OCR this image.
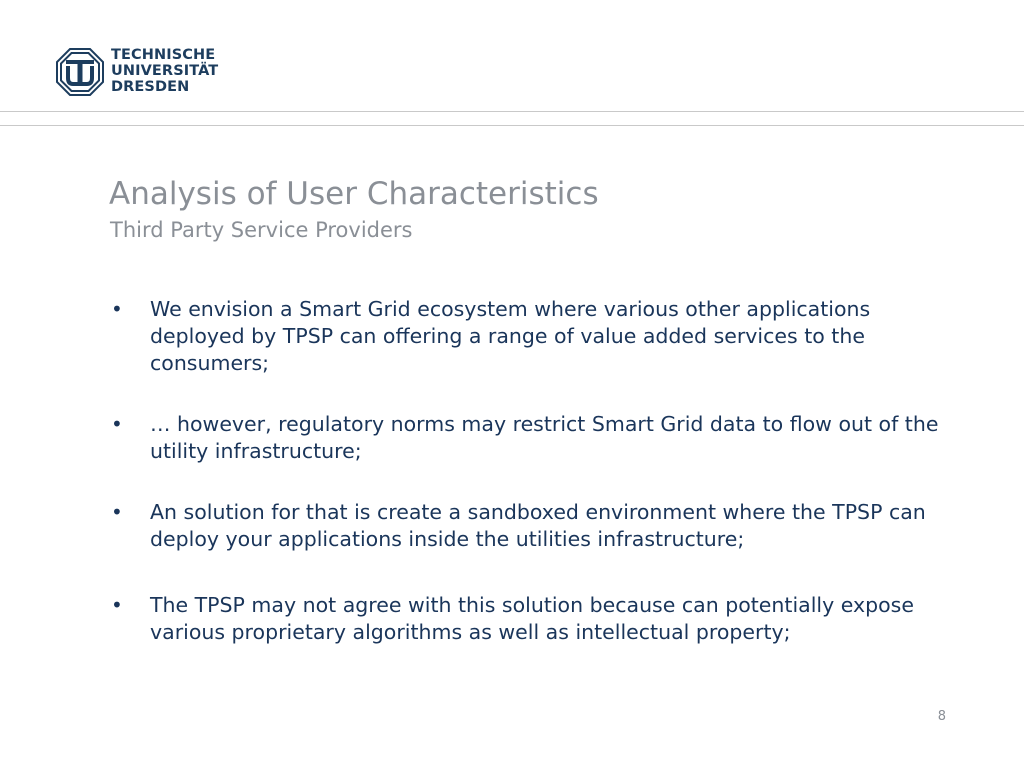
TECHNISCHE
UNIVERSITÄT
DRESDEN
Analysis of User Characteristics
Third Party Service Providers
• We envision a Smart Grid ecosystem where various other applications deployed by TPSP can offering a range of value added services to the consumers;
• … however, regulatory norms may restrict Smart Grid data to flow out of the utility infrastructure;
• An solution for that is create a sandboxed environment where the TPSP can deploy your applications inside the utilities infrastructure;
• The TPSP may not agree with this solution because can potentially expose various proprietary algorithms as well as intellectual property;
8
